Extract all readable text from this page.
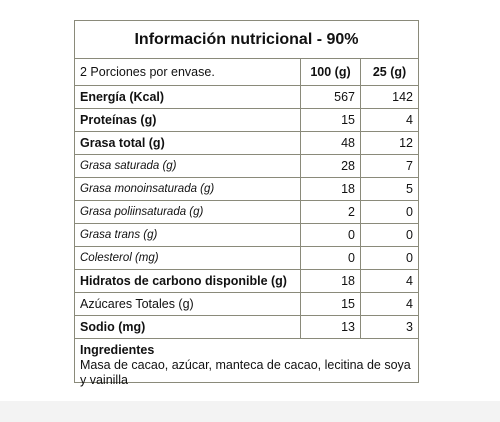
Información nutricional - 90%
2 Porciones por envase.	100 (g)	25 (g)
Energía (Kcal)	567	142
Proteínas (g)	15	4
Grasa total (g)	48	12
Grasa saturada (g)	28	7
Grasa monoinsaturada (g)	18	5
Grasa poliinsaturada (g)	2	0
Grasa trans (g)	0	0
Colesterol (mg)	0	0
Hidratos de carbono disponible (g)	18	4
Azúcares Totales (g)	15	4
Sodio (mg)	13	3
Ingredientes
Masa de cacao, azúcar, manteca de cacao, lecitina de soya y vainilla
